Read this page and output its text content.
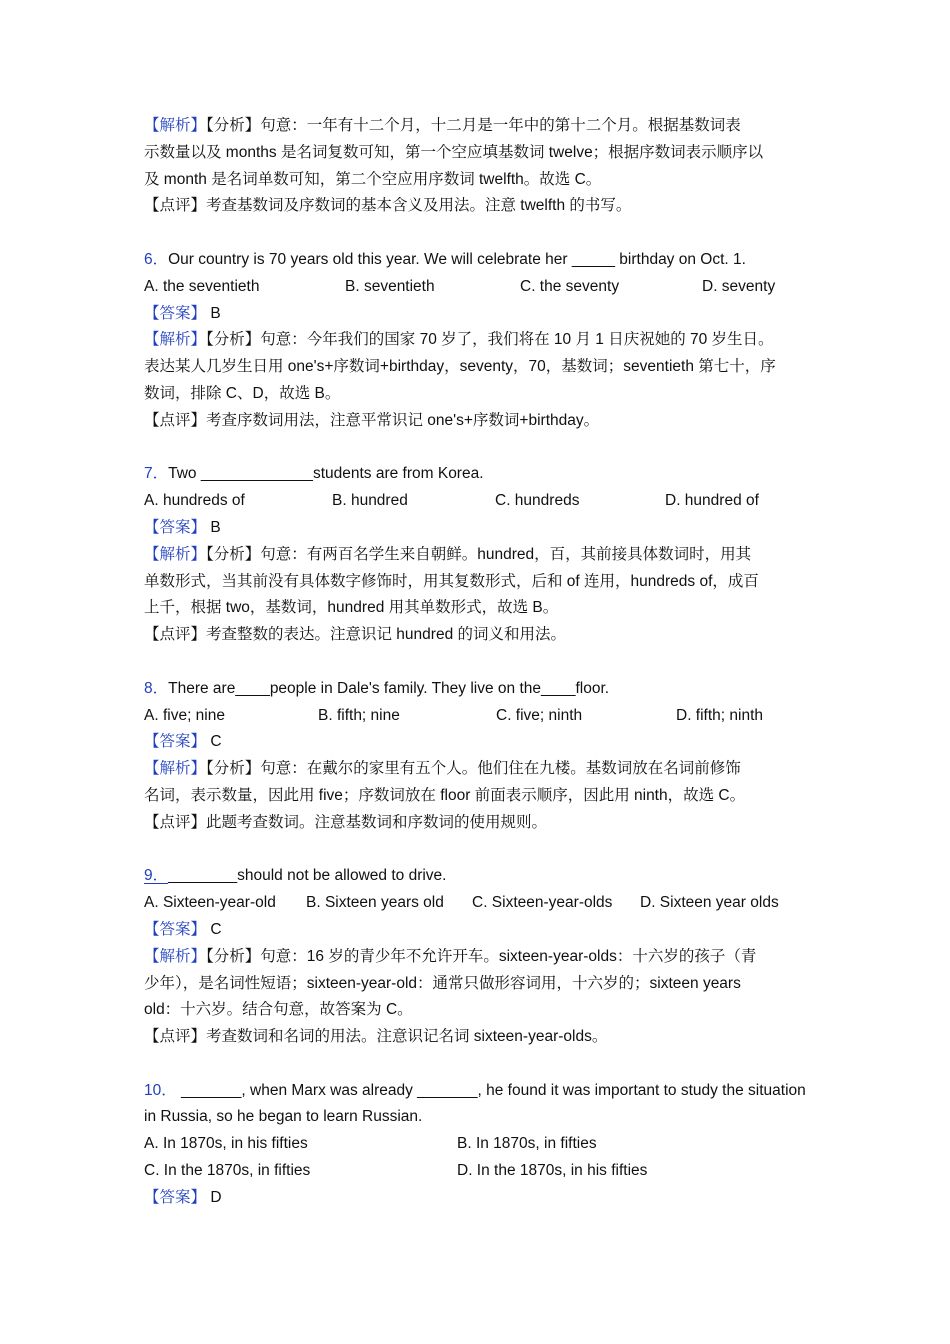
【解析】【分析】句意：一年有十二个月，十二月是一年中的第十二个月。根据基数词表
示数量以及 months 是名词复数可知，第一个空应填基数词 twelve；根据序数词表示顺序以
及 month 是名词单数可知，第二个空应用序数词 twelfth。故选 C。
【点评】考查基数词及序数词的基本含义及用法。注意 twelfth 的书写。
6．Our country is 70 years old this year. We will celebrate her _____ birthday on Oct. 1.
A. the seventieth	B. seventieth	C. the seventy	D. seventy
【答案】 B
【解析】【分析】句意：今年我们的国家 70 岁了，我们将在 10 月 1 日庆祝她的 70 岁生日。
表达某人几岁生日用 one's+序数词+birthday，seventy，70，基数词；seventieth 第七十，序
数词，排除 C、D，故选 B。
【点评】考查序数词用法，注意平常识记 one's+序数词+birthday。
7．Two _____________students are from Korea.
A. hundreds of	B. hundred	C. hundreds	D. hundred of
【答案】 B
【解析】【分析】句意：有两百名学生来自朝鲜。hundred，百，其前接具体数词时，用其
单数形式，当其前没有具体数字修饰时，用其复数形式，后和 of 连用，hundreds of，成百
上千，根据 two，基数词，hundred 用其单数形式，故选 B。
【点评】考查整数的表达。注意识记 hundred 的词义和用法。
8．There are____people in Dale's family. They live on the____floor.
A. five; nine	B. fifth; nine	C. five; ninth	D. fifth; ninth
【答案】 C
【解析】【分析】句意：在戴尔的家里有五个人。他们住在九楼。基数词放在名词前修饰
名词，表示数量，因此用 five；序数词放在 floor 前面表示顺序，因此用 ninth，故选 C。
【点评】此题考查数词。注意基数词和序数词的使用规则。
9．________should not be allowed to drive.
A. Sixteen-year-old B. Sixteen years old C. Sixteen-year-olds D. Sixteen year olds
【答案】 C
【解析】【分析】句意：16 岁的青少年不允许开车。sixteen-year-olds：十六岁的孩子（青
少年），是名词性短语；sixteen-year-old：通常只做形容词用，十六岁的；sixteen years
old：十六岁。结合句意，故答案为 C。
【点评】考查数词和名词的用法。注意识记名词 sixteen-year-olds。
10． _______, when Marx was already _______, he found it was important to study the situation
in Russia, so he began to learn Russian.
A. In 1870s, in his fifties	B. In 1870s, in fifties
C. In the 1870s, in fifties	D. In the 1870s, in his fifties
【答案】 D
